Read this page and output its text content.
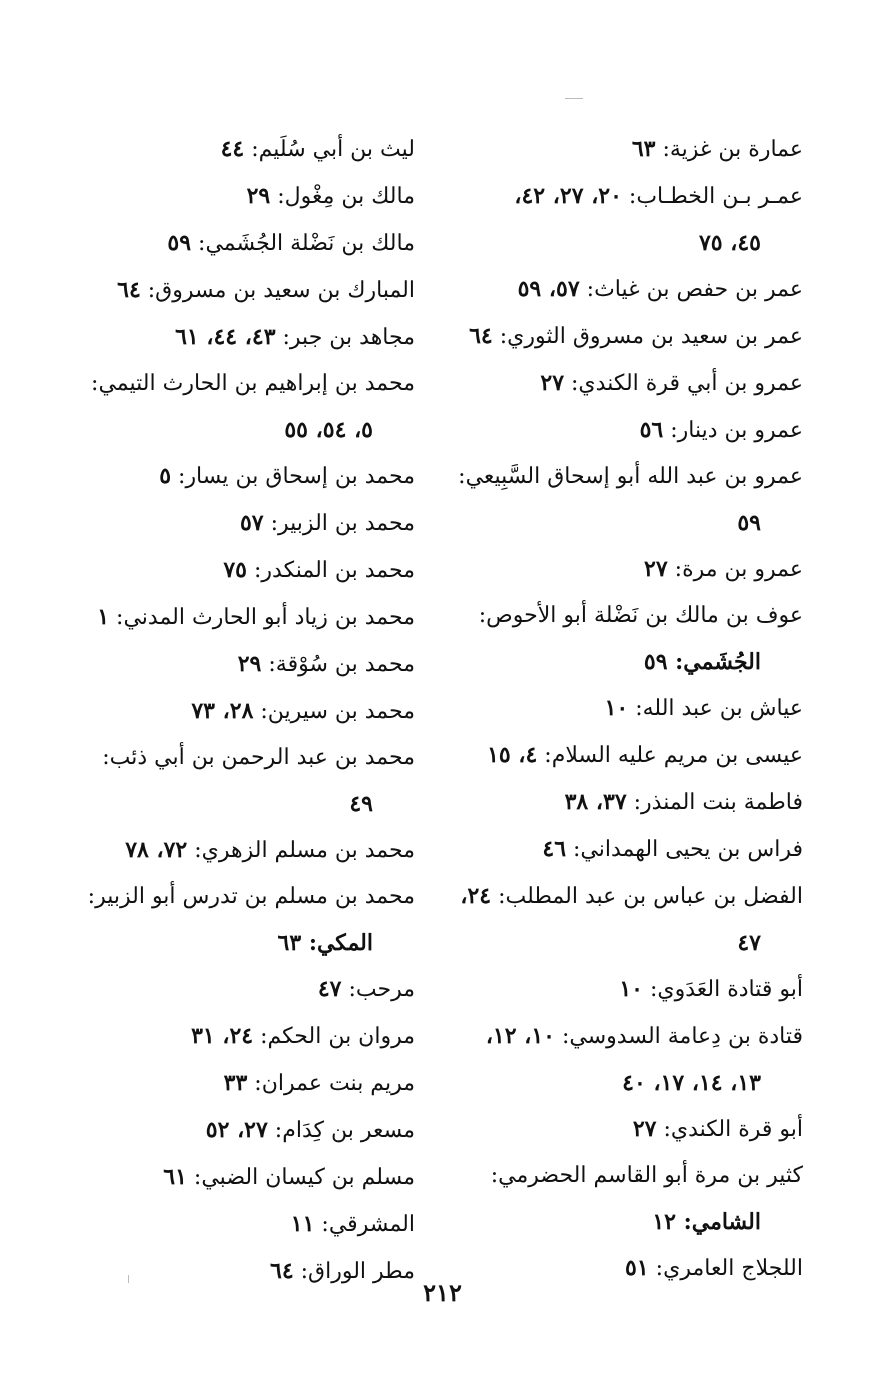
عمارة بن غزية: ٦٣
عمـر بـن الخطـاب: ٢٠، ٢٧، ٤٢،
٤٥، ٧٥
عمر بن حفص بن غياث: ٥٧، ٥٩
عمر بن سعيد بن مسروق الثوري: ٦٤
عمرو بن أبي قرة الكندي: ٢٧
عمرو بن دينار: ٥٦
عمرو بن عبد الله أبو إسحاق السَّبِيعي:
٥٩
عمرو بن مرة: ٢٧
عوف بن مالك بن نَضْلة أبو الأحوص:
الجُشَمي: ٥٩
عياش بن عبد الله: ١٠
عيسى بن مريم عليه السلام: ٤، ١٥
فاطمة بنت المنذر: ٣٧، ٣٨
فراس بن يحيى الهمداني: ٤٦
الفضل بن عباس بن عبد المطلب: ٢٤،
٤٧
أبو قتادة العَدَوي: ١٠
قتادة بن دِعامة السدوسي: ١٠، ١٢،
١٣، ١٤، ١٧، ٤٠
أبو قرة الكندي: ٢٧
كثير بن مرة أبو القاسم الحضرمي:
الشامي: ١٢
اللجلاج العامري: ٥١
ليث بن أبي سُلَيم: ٤٤
مالك بن مِغْول: ٢٩
مالك بن نَضْلة الجُشَمي: ٥٩
المبارك بن سعيد بن مسروق: ٦٤
مجاهد بن جبر: ٤٣، ٤٤، ٦١
محمد بن إبراهيم بن الحارث التيمي:
٥، ٥٤، ٥٥
محمد بن إسحاق بن يسار: ٥
محمد بن الزبير: ٥٧
محمد بن المنكدر: ٧٥
محمد بن زياد أبو الحارث المدني: ١
محمد بن سُوْقة: ٢٩
محمد بن سيرين: ٢٨، ٧٣
محمد بن عبد الرحمن بن أبي ذئب:
٤٩
محمد بن مسلم الزهري: ٧٢، ٧٨
محمد بن مسلم بن تدرس أبو الزبير:
المكي: ٦٣
مرحب: ٤٧
مروان بن الحكم: ٢٤، ٣١
مريم بنت عمران: ٣٣
مسعر بن كِدَام: ٢٧، ٥٢
مسلم بن كيسان الضبي: ٦١
المشرقي: ١١
مطر الوراق: ٦٤
٢١٢
